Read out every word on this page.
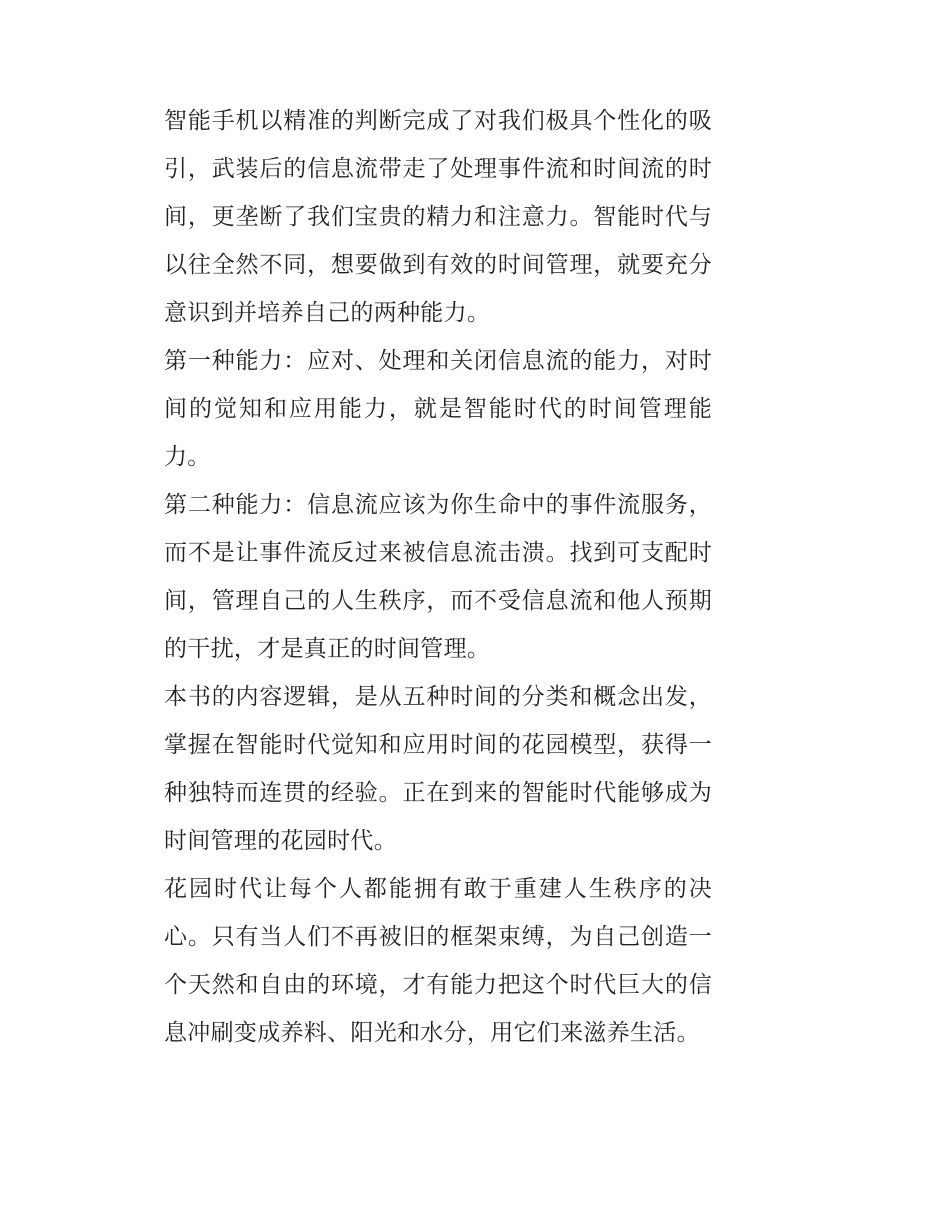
智能手机以精准的判断完成了对我们极具个性化的吸引，武装后的信息流带走了处理事件流和时间流的时间，更垄断了我们宝贵的精力和注意力。智能时代与以往全然不同，想要做到有效的时间管理，就要充分意识到并培养自己的两种能力。

第一种能力：应对、处理和关闭信息流的能力，对时间的觉知和应用能力，就是智能时代的时间管理能力。

第二种能力：信息流应该为你生命中的事件流服务，而不是让事件流反过来被信息流击溃。找到可支配时间，管理自己的人生秩序，而不受信息流和他人预期的干扰，才是真正的时间管理。

本书的内容逻辑，是从五种时间的分类和概念出发，掌握在智能时代觉知和应用时间的花园模型，获得一种独特而连贯的经验。正在到来的智能时代能够成为时间管理的花园时代。

花园时代让每个人都能拥有敢于重建人生秩序的决心。只有当人们不再被旧的框架束缚，为自己创造一个天然和自由的环境，才有能力把这个时代巨大的信息冲刷变成养料、阳光和水分，用它们来滋养生活。
